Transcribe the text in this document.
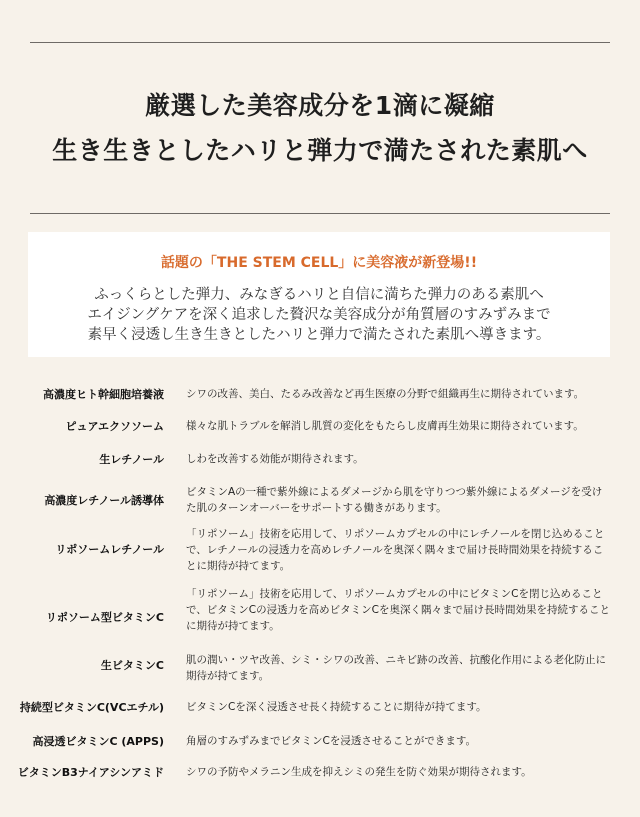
厳選した美容成分を1滴に凝縮
生き生きとしたハリと弾力で満たされた素肌へ
話題の「THE STEM CELL」に美容液が新登場!!
ふっくらとした弾力、みなぎるハリと自信に満ちた弾力のある素肌へ
エイジングケアを深く追求した贅沢な美容成分が角質層のすみずみまで
素早く浸透し生き生きとしたハリと弾力で満たされた素肌へ導きます。
高濃度ヒト幹細胞培養液 シワの改善、美白、たるみ改善など再生医療の分野で組織再生に期待されています。
ピュアエクソソーム 様々な肌トラブルを解消し肌質の変化をもたらし皮膚再生効果に期待されています。
生レチノール しわを改善する効能が期待されます。
高濃度レチノール誘導体
ビタミンAの一種で紫外線によるダメージから肌を守りつつ紫外線によるダメージを受けた肌のターンオーバーをサポートする働きがあります。
リポソームレチノール
「リポソーム」技術を応用して、リポソームカプセルの中にレチノールを閉じ込めることで、レチノールの浸透力を高めレチノールを奥深く隅々まで届け長時間効果を持続することに期待が持てます。
リポソーム型ビタミンC
「リポソーム」技術を応用して、リポソームカプセルの中にビタミンCを閉じ込めることで、ビタミンCの浸透力を高めビタミンCを奥深く隅々まで届け長時間効果を持続することに期待が持てます。
生ビタミンC 肌の潤い・ツヤ改善、シミ・シワの改善、ニキビ跡の改善、抗酸化作用による老化防止に期待が持てます。
持続型ビタミンC(VCエチル) ビタミンCを深く浸透させ長く持続することに期待が持てます。
高浸透ビタミンC (APPS) 角層のすみずみまでビタミンCを浸透させることができます。
ビタミンB3ナイアシンアミド シワの予防やメラニン生成を抑えシミの発生を防ぐ効果が期待されます。
